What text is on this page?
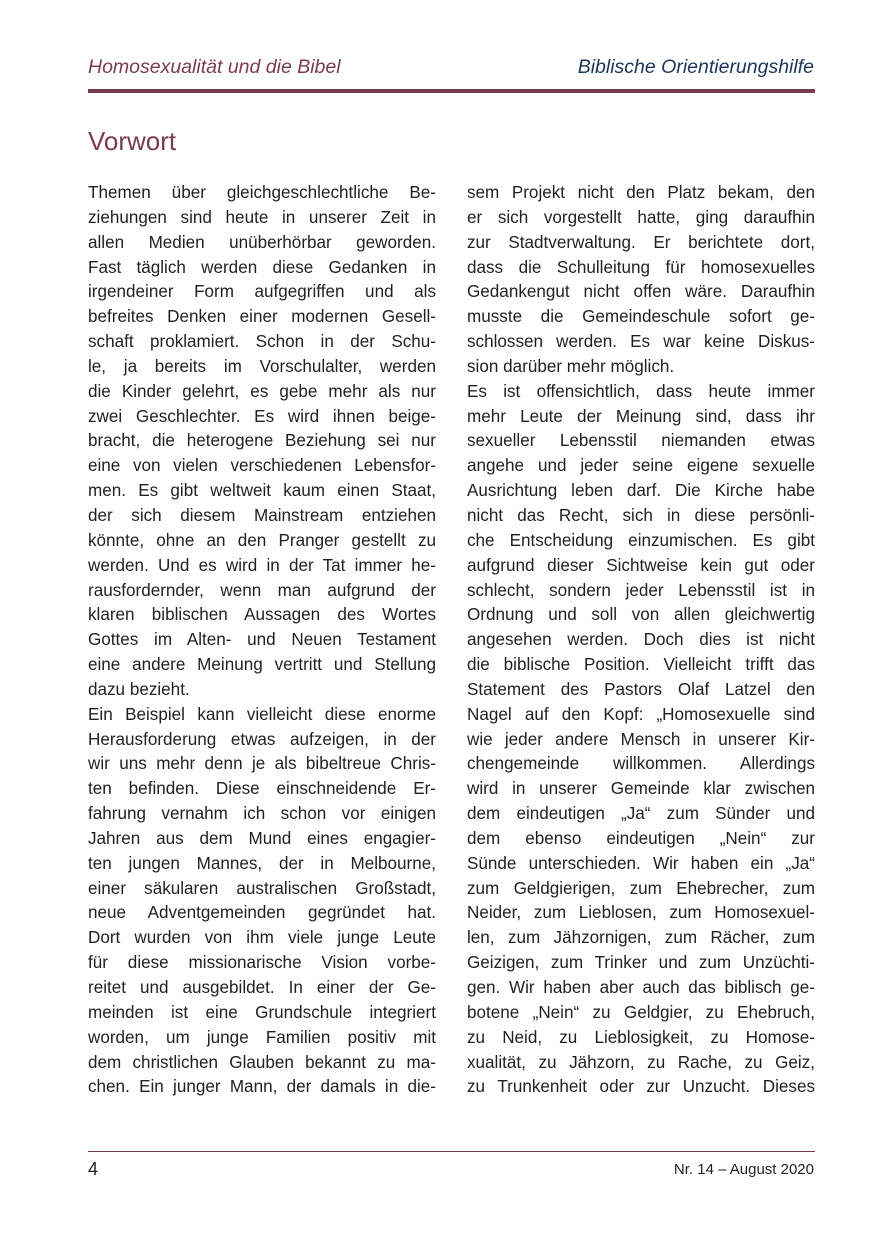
Homosexualität und die Bibel	Biblische Orientierungshilfe
Vorwort
Themen über gleichgeschlechtliche Be-
ziehungen sind heute in unserer Zeit in
allen Medien unüberhörbar geworden.
Fast täglich werden diese Gedanken in
irgendeiner Form aufgegriffen und als
befreites Denken einer modernen Gesell-
schaft proklamiert. Schon in der Schu-
le, ja bereits im Vorschulalter, werden
die Kinder gelehrt, es gebe mehr als nur
zwei Geschlechter. Es wird ihnen beige-
bracht, die heterogene Beziehung sei nur
eine von vielen verschiedenen Lebensfor-
men. Es gibt weltweit kaum einen Staat,
der sich diesem Mainstream entziehen
könnte, ohne an den Pranger gestellt zu
werden. Und es wird in der Tat immer he-
rausfordernder, wenn man aufgrund der
klaren biblischen Aussagen des Wortes
Gottes im Alten- und Neuen Testament
eine andere Meinung vertritt und Stellung
dazu bezieht.
Ein Beispiel kann vielleicht diese enorme
Herausforderung etwas aufzeigen, in der
wir uns mehr denn je als bibeltreue Chris-
ten befinden. Diese einschneidende Er-
fahrung vernahm ich schon vor einigen
Jahren aus dem Mund eines engagier-
ten jungen Mannes, der in Melbourne,
einer säkularen australischen Großstadt,
neue Adventgemeinden gegründet hat.
Dort wurden von ihm viele junge Leute
für diese missionarische Vision vorbe-
reitet und ausgebildet. In einer der Ge-
meinden ist eine Grundschule integriert
worden, um junge Familien positiv mit
dem christlichen Glauben bekannt zu ma-
chen. Ein junger Mann, der damals in die-
sem Projekt nicht den Platz bekam, den
er sich vorgestellt hatte, ging daraufhin
zur Stadtverwaltung. Er berichtete dort,
dass die Schulleitung für homosexuelles
Gedankengut nicht offen wäre. Daraufhin
musste die Gemeindeschule sofort ge-
schlossen werden. Es war keine Diskus-
sion darüber mehr möglich.
Es ist offensichtlich, dass heute immer
mehr Leute der Meinung sind, dass ihr
sexueller Lebensstil niemanden etwas
angehe und jeder seine eigene sexuelle
Ausrichtung leben darf. Die Kirche habe
nicht das Recht, sich in diese persönli-
che Entscheidung einzumischen. Es gibt
aufgrund dieser Sichtweise kein gut oder
schlecht, sondern jeder Lebensstil ist in
Ordnung und soll von allen gleichwertig
angesehen werden. Doch dies ist nicht
die biblische Position. Vielleicht trifft das
Statement des Pastors Olaf Latzel den
Nagel auf den Kopf: „Homosexuelle sind
wie jeder andere Mensch in unserer Kir-
chengemeinde willkommen. Allerdings
wird in unserer Gemeinde klar zwischen
dem eindeutigen „Ja“ zum Sünder und
dem ebenso eindeutigen „Nein“ zur
Sünde unterschieden. Wir haben ein „Ja“
zum Geldgierigen, zum Ehebrecher, zum
Neider, zum Lieblosen, zum Homosexuel-
len, zum Jähzornigen, zum Rächer, zum
Geizigen, zum Trinker und zum Unzüchti-
gen. Wir haben aber auch das biblisch ge-
botene „Nein“ zu Geldgier, zu Ehebruch,
zu Neid, zu Lieblosigkeit, zu Homose-
xualität, zu Jähzorn, zu Rache, zu Geiz,
zu Trunkenheit oder zur Unzucht. Dieses
4	Nr. 14 – August 2020
